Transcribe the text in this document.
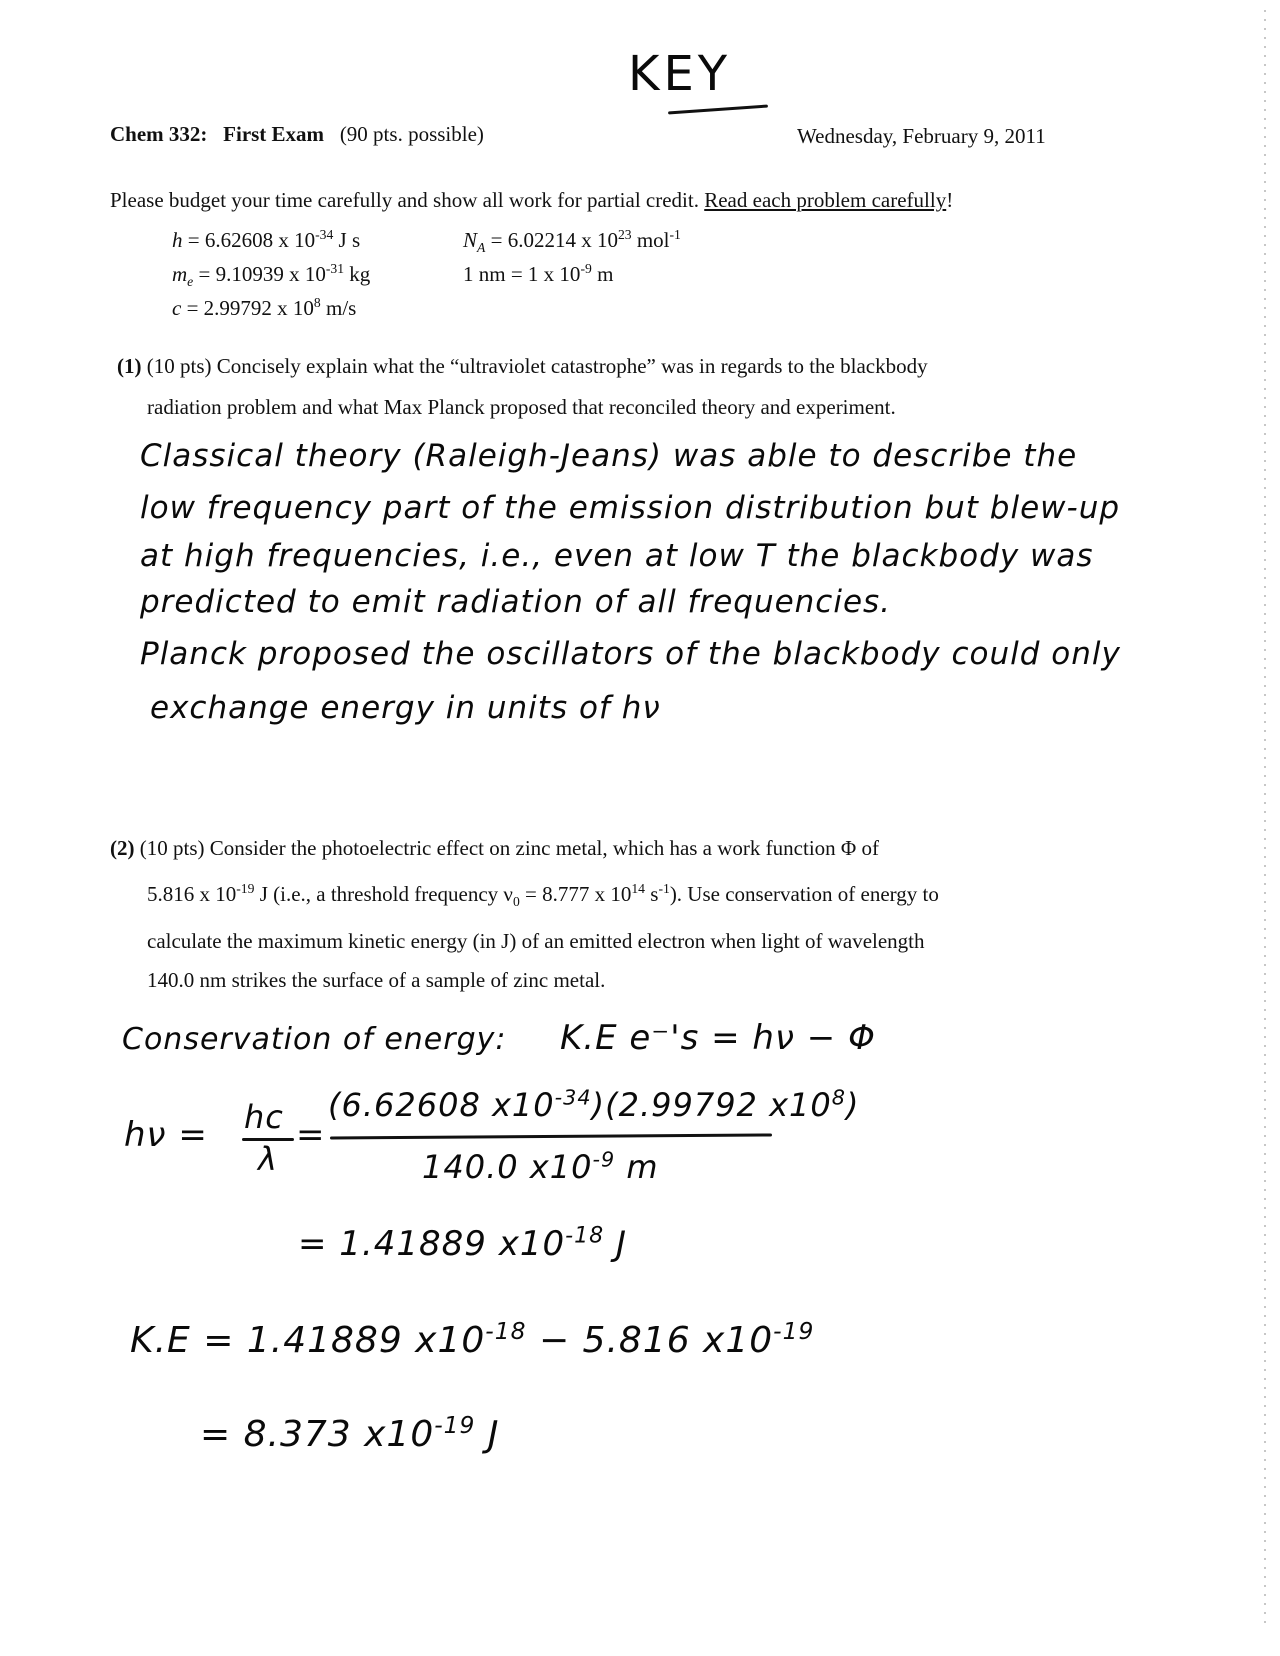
KEY
Chem 332: First Exam (90 pts. possible)	Wednesday, February 9, 2011
Please budget your time carefully and show all work for partial credit. Read each problem carefully!
h = 6.62608 x $10^{-34}$ J s
$m_e = 9.10939$ x $10^{-31}$ kg
c = 2.99792 x $10^8$ m/s
$N_A = 6.02214$ x $10^{23}$ mol$^{-1}$
1 nm = 1 x $10^{-9}$ m
(1) (10 pts) Concisely explain what the “ultraviolet catastrophe” was in regards to the blackbody
radiation problem and what Max Planck proposed that reconciled theory and experiment.
Classical theory (Raleigh-Jeans) was able to describe the
low frequency part of the emission distribution but blew-up
at high frequencies, i.e., even at low T the blackbody was
predicted to emit radiation of all frequencies.
Planck proposed the oscillators of the blackbody could only
exchange energy in units of hν
(2) (10 pts) Consider the photoelectric effect on zinc metal, which has a work function Φ of
5.816 x $10^{-19}$ J (i.e., a threshold frequency $\nu_0 = 8.777$ x $10^{14}$ $s^{-1}$). Use conservation of energy to
calculate the maximum kinetic energy (in J) of an emitted electron when light of wavelength
140.0 nm strikes the surface of a sample of zinc metal.
Conservation of energy: K.E e⁻'s = hν − Φ
hν = hc
λ
=
(6.62608 $x10^{-34})(2.99792$ $x10^8$)
140.0 $x10^{-9}$ m
= 1.41889 $x10^{-18}$ J
K.E = 1.41889 $x10^{-18} - 5.816$ $x10^{-19}$
= 8.373 $x10^{-19}$ J
